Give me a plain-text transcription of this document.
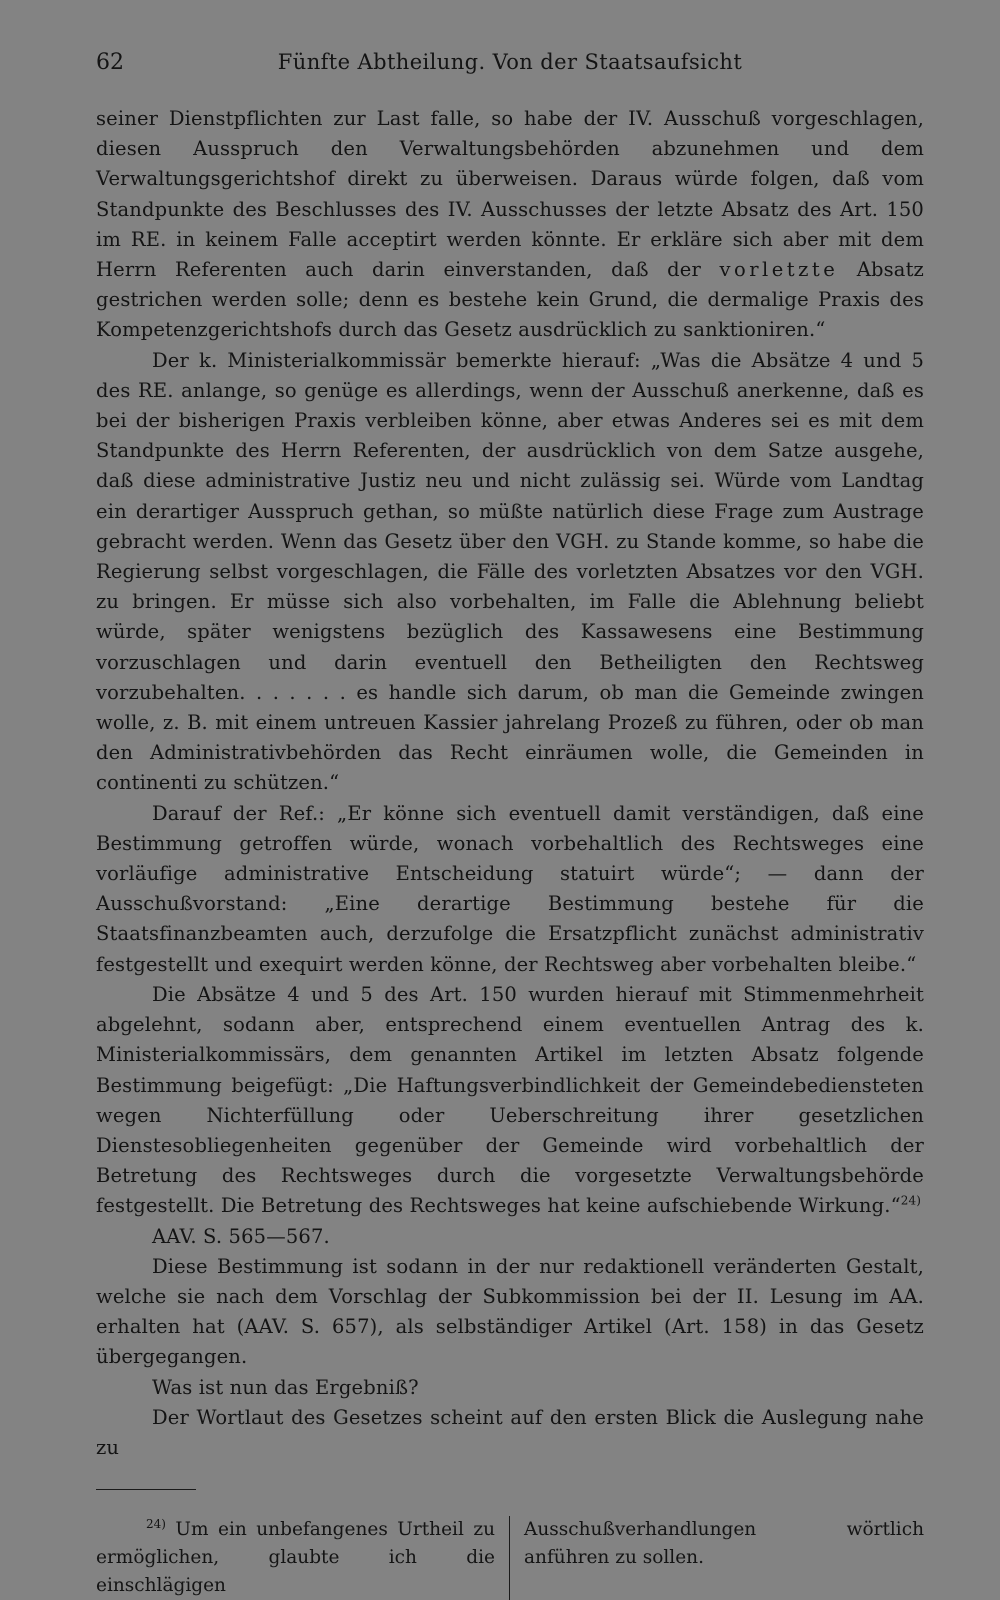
62	Fünfte Abtheilung. Von der Staatsaufsicht

seiner Dienstpflichten zur Last falle, so habe der IV. Ausschuß vorgeschlagen, diesen Ausspruch den Verwaltungsbehörden abzunehmen und dem Verwaltungsgerichtshof direkt zu überweisen. Daraus würde folgen, daß vom Standpunkte des Beschlusses des IV. Ausschusses der letzte Absatz des Art. 150 im RE. in keinem Falle acceptirt werden könnte. Er erkläre sich aber mit dem Herrn Referenten auch darin einverstanden, daß der vorletzte Absatz gestrichen werden solle; denn es bestehe kein Grund, die dermalige Praxis des Kompetenzgerichtshofs durch das Gesetz ausdrücklich zu sanktioniren.“

Der k. Ministerialkommissär bemerkte hierauf: „Was die Absätze 4 und 5 des RE. anlange, so genüge es allerdings, wenn der Ausschuß anerkenne, daß es bei der bisherigen Praxis verbleiben könne, aber etwas Anderes sei es mit dem Standpunkte des Herrn Referenten, der ausdrücklich von dem Satze ausgehe, daß diese administrative Justiz neu und nicht zulässig sei. Würde vom Landtag ein derartiger Ausspruch gethan, so müßte natürlich diese Frage zum Austrage gebracht werden. Wenn das Gesetz über den VGH. zu Stande komme, so habe die Regierung selbst vorgeschlagen, die Fälle des vorletzten Absatzes vor den VGH. zu bringen. Er müsse sich also vorbehalten, im Falle die Ablehnung beliebt würde, später wenigstens bezüglich des Kassawesens eine Bestimmung vorzuschlagen und darin eventuell den Betheiligten den Rechtsweg vorzubehalten. . . . . . . es handle sich darum, ob man die Gemeinde zwingen wolle, z. B. mit einem untreuen Kassier jahrelang Prozeß zu führen, oder ob man den Administrativbehörden das Recht einräumen wolle, die Gemeinden in continenti zu schützen.“

Darauf der Ref.: „Er könne sich eventuell damit verständigen, daß eine Bestimmung getroffen würde, wonach vorbehaltlich des Rechtsweges eine vorläufige administrative Entscheidung statuirt würde“; — dann der Ausschußvorstand: „Eine derartige Bestimmung bestehe für die Staatsfinanzbeamten auch, derzufolge die Ersatzpflicht zunächst administrativ festgestellt und exequirt werden könne, der Rechtsweg aber vorbehalten bleibe.“

Die Absätze 4 und 5 des Art. 150 wurden hierauf mit Stimmenmehrheit abgelehnt, sodann aber, entsprechend einem eventuellen Antrag des k. Ministerialkommissärs, dem genannten Artikel im letzten Absatz folgende Bestimmung beigefügt: „Die Haftungsverbindlichkeit der Gemeindebediensteten wegen Nichterfüllung oder Ueberschreitung ihrer gesetzlichen Dienstesobliegenheiten gegenüber der Gemeinde wird vorbehaltlich der Betretung des Rechtsweges durch die vorgesetzte Verwaltungsbehörde festgestellt. Die Betretung des Rechtsweges hat keine aufschiebende Wirkung.“$^{24)}$

AAV. S. 565—567.

Diese Bestimmung ist sodann in der nur redaktionell veränderten Gestalt, welche sie nach dem Vorschlag der Subkommission bei der II. Lesung im AA. erhalten hat (AAV. S. 657), als selbständiger Artikel (Art. 158) in das Gesetz übergegangen.

Was ist nun das Ergebniß?

Der Wortlaut des Gesetzes scheint auf den ersten Blick die Auslegung nahe zu

$^{24)}$ Um ein unbefangenes Urtheil zu ermöglichen, glaubte ich die einschlägigen

Ausschußverhandlungen wörtlich anführen zu sollen.
